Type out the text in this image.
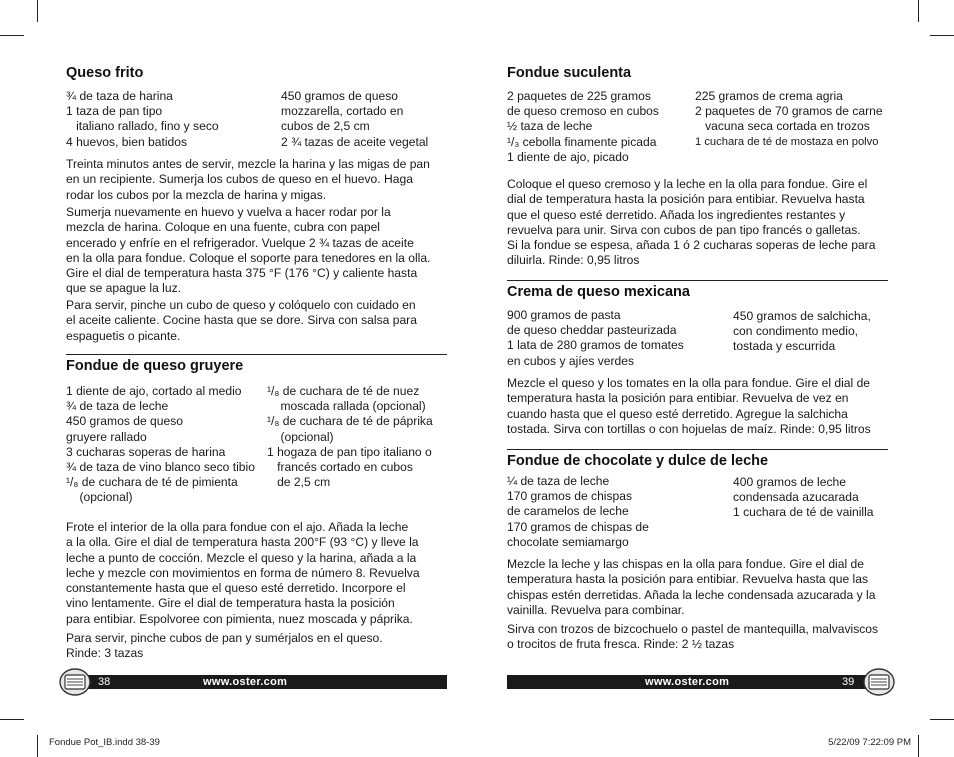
Queso frito
¾ de taza de harina
1 taza de pan tipo
italiano rallado, fino y seco
4 huevos, bien batidos
450 gramos de queso
mozzarella, cortado en
cubos de 2,5 cm
2 ¾ tazas de aceite vegetal
Treinta minutos antes de servir, mezcle la harina y las migas de pan
en un recipiente. Sumerja los cubos de queso en el huevo. Haga
rodar los cubos por la mezcla de harina y migas.
Sumerja nuevamente en huevo y vuelva a hacer rodar por la
mezcla de harina. Coloque en una fuente, cubra con papel
encerado y enfríe en el refrigerador. Vuelque 2 ¾ tazas de aceite
en la olla para fondue. Coloque el soporte para tenedores en la olla.
Gire el dial de temperatura hasta 375 °F (176 °C) y caliente hasta
que se apague la luz.
Para servir, pinche un cubo de queso y colóquelo con cuidado en
el aceite caliente. Cocine hasta que se dore. Sirva con salsa para
espaguetis o picante.
Fondue de queso gruyere
1 diente de ajo, cortado al medio
¾ de taza de leche
450 gramos de queso
gruyere rallado
3 cucharas soperas de harina
¾ de taza de vino blanco seco tibio
¹/₈ de cuchara de té de pimienta
(opcional)
¹/₈ de cuchara de té de nuez
moscada rallada (opcional)
¹/₈ de cuchara de té de páprika
(opcional)
1 hogaza de pan tipo italiano o
francés cortado en cubos
de 2,5 cm
Frote el interior de la olla para fondue con el ajo. Añada la leche
a la olla. Gire el dial de temperatura hasta 200°F (93 °C) y lleve la
leche a punto de cocción. Mezcle el queso y la harina, añada a la
leche y mezcle con movimientos en forma de número 8. Revuelva
constantemente hasta que el queso esté derretido. Incorpore el
vino lentamente. Gire el dial de temperatura hasta la posición
para entibiar. Espolvoree con pimienta, nuez moscada y páprika.
Para servir, pinche cubos de pan y sumérjalos en el queso.
Rinde: 3 tazas
38	www.oster.com
Fondue suculenta
2 paquetes de 225 gramos
de queso cremoso en cubos
½ taza de leche
¹/₃ cebolla finamente picada
1 diente de ajo, picado
225 gramos de crema agria
2 paquetes de 70 gramos de carne
vacuna seca cortada en trozos
1 cuchara de té de mostaza en polvo
Coloque el queso cremoso y la leche en la olla para fondue. Gire el
dial de temperatura hasta la posición para entibiar. Revuelva hasta
que el queso esté derretido. Añada los ingredientes restantes y
revuelva para unir. Sirva con cubos de pan tipo francés o galletas.
Si la fondue se espesa, añada 1 ó 2 cucharas soperas de leche para
diluirla. Rinde: 0,95 litros
Crema de queso mexicana
900 gramos de pasta
de queso cheddar pasteurizada
1 lata de 280 gramos de tomates
en cubos y ajíes verdes
450 gramos de salchicha,
con condimento medio,
tostada y escurrida
Mezcle el queso y los tomates en la olla para fondue. Gire el dial de
temperatura hasta la posición para entibiar. Revuelva de vez en
cuando hasta que el queso esté derretido. Agregue la salchicha
tostada. Sirva con tortillas o con hojuelas de maíz. Rinde: 0,95 litros
Fondue de chocolate y dulce de leche
¼ de taza de leche
170 gramos de chispas
de caramelos de leche
170 gramos de chispas de
chocolate semiamargo
400 gramos de leche
condensada azucarada
1 cuchara de té de vainilla
Mezcle la leche y las chispas en la olla para fondue. Gire el dial de
temperatura hasta la posición para entibiar. Revuelva hasta que las
chispas estén derretidas. Añada la leche condensada azucarada y la
vainilla. Revuelva para combinar.
Sirva con trozos de bizcochuelo o pastel de mantequilla, malvaviscos
o trocitos de fruta fresca. Rinde: 2 ½ tazas
www.oster.com	39
Fondue Pot_IB.indd 38-39	5/22/09 7:22:09 PM
